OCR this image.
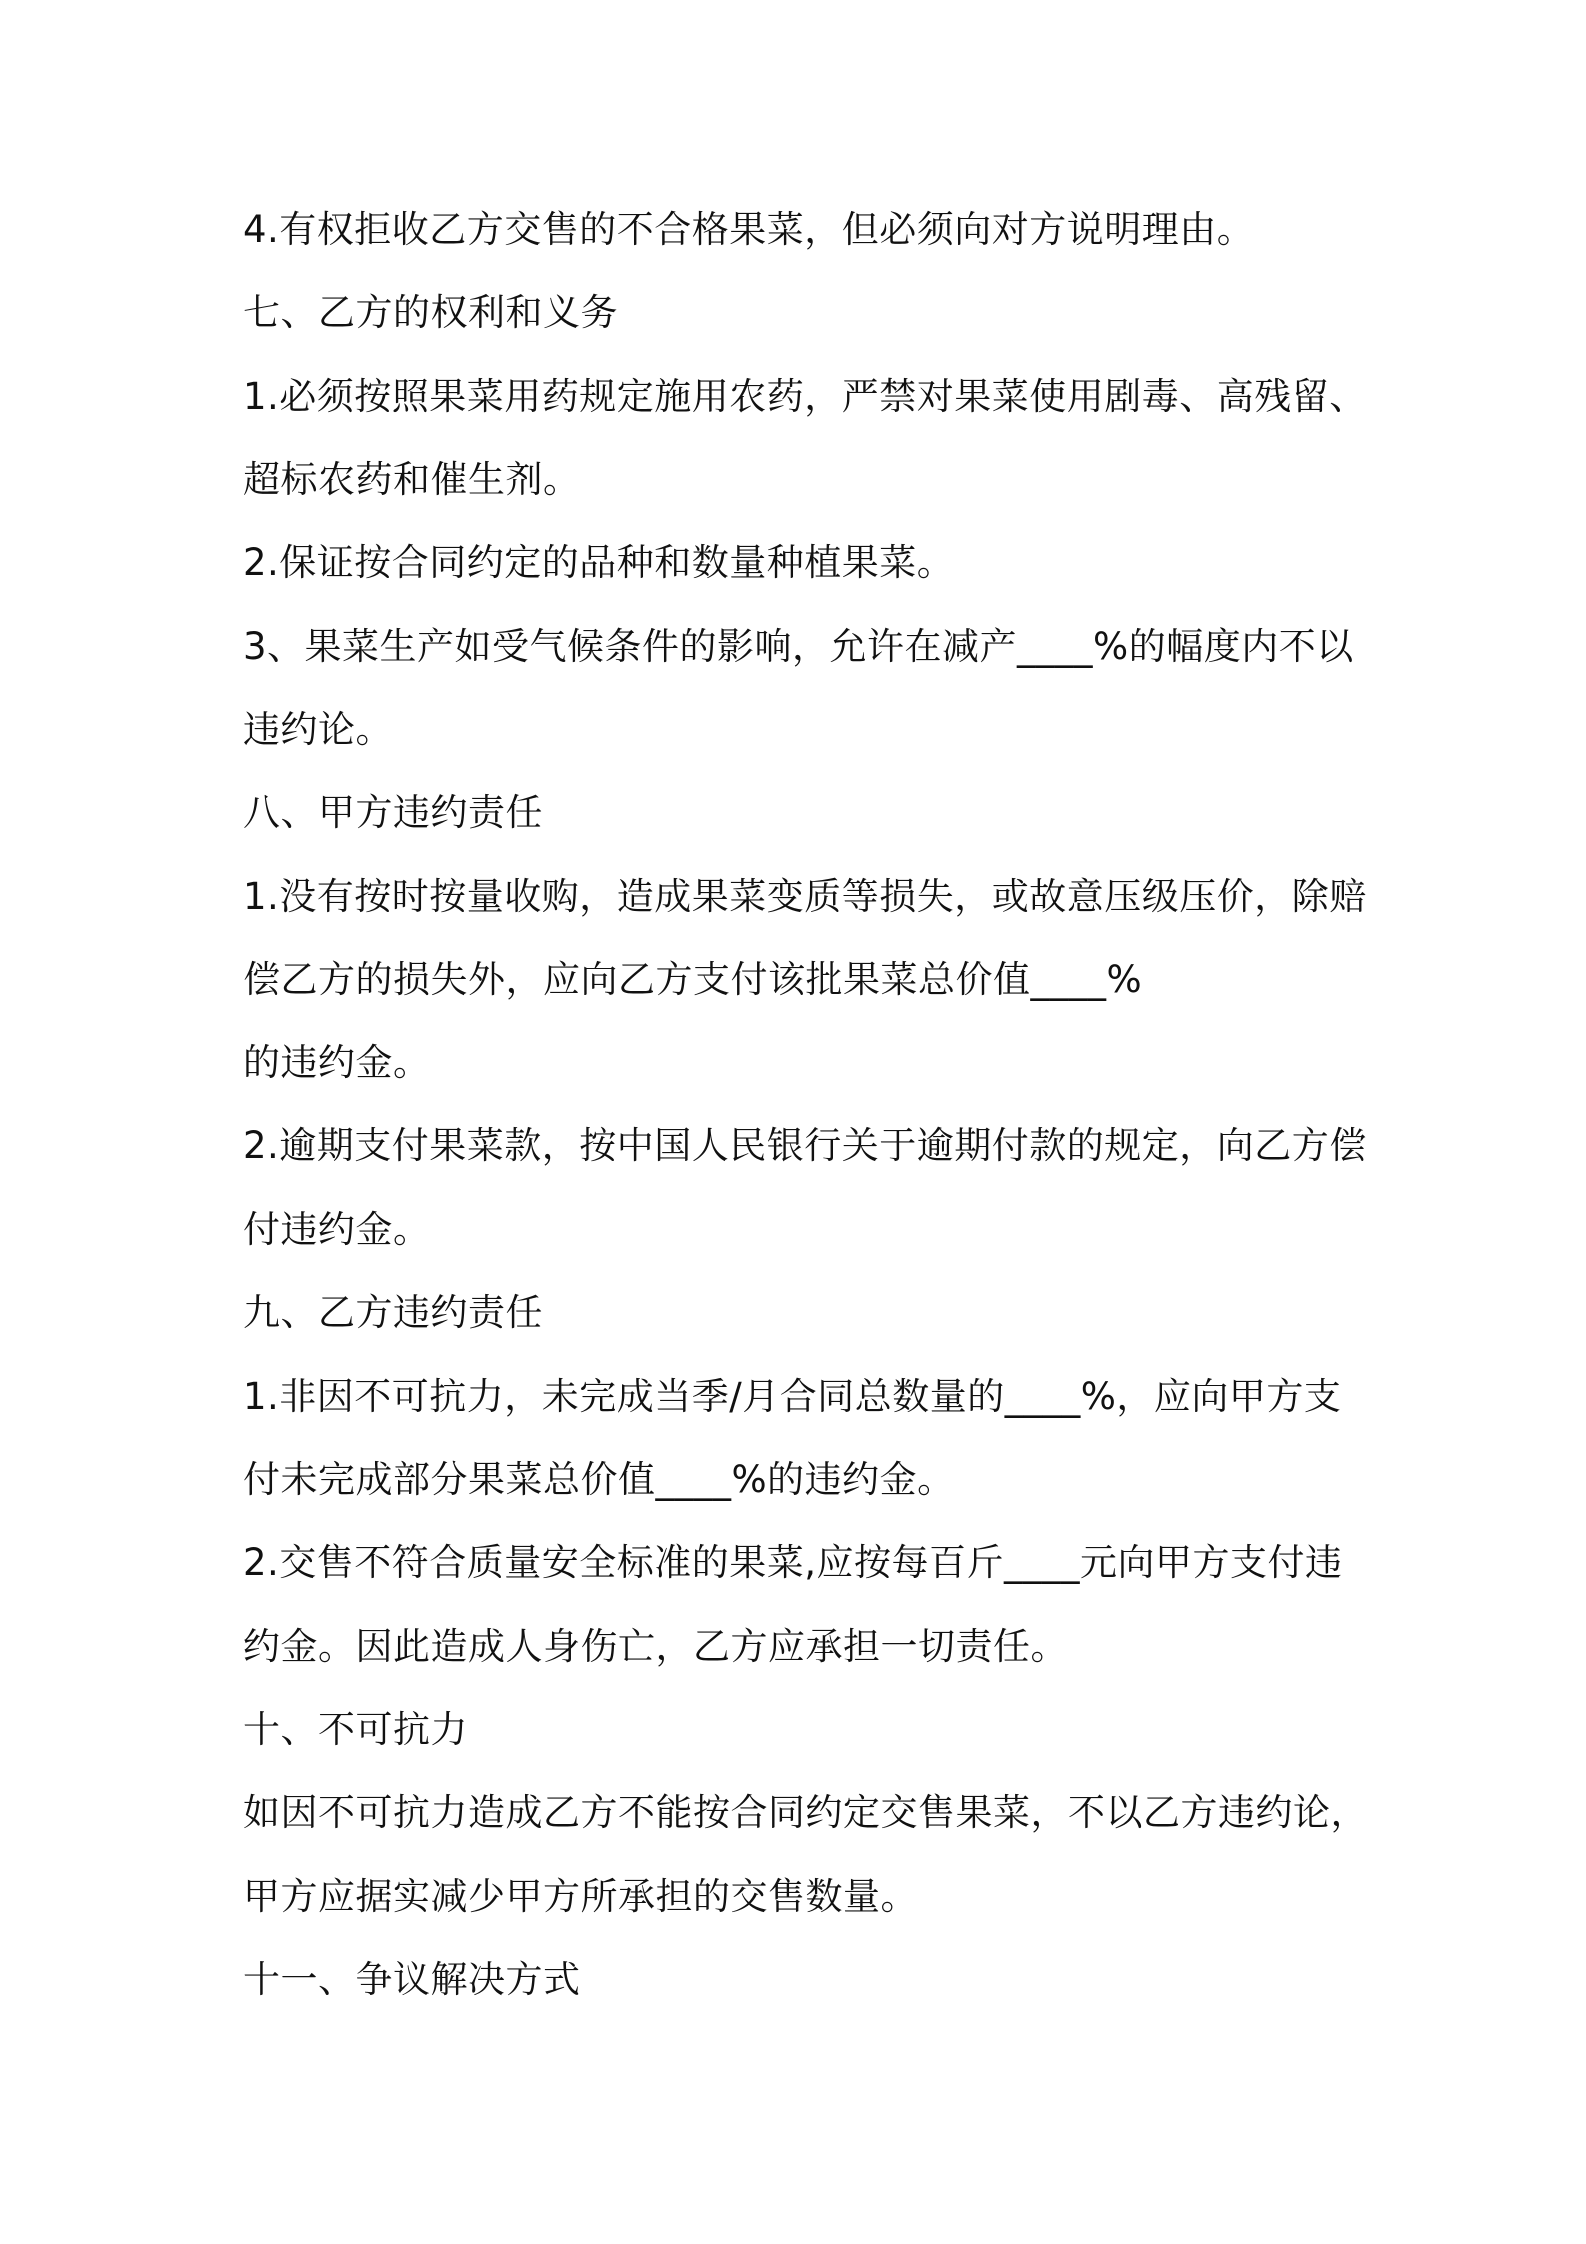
4.有权拒收乙方交售的不合格果菜，但必须向对方说明理由。
七、乙方的权利和义务
1.必须按照果菜用药规定施用农药，严禁对果菜使用剧毒、高残留、
超标农药和催生剂。
2.保证按合同约定的品种和数量种植果菜。
3、果菜生产如受气候条件的影响，允许在减产____%的幅度内不以
违约论。
八、甲方违约责任
1.没有按时按量收购，造成果菜变质等损失，或故意压级压价，除赔
偿乙方的损失外，应向乙方支付该批果菜总价值____%
的违约金。
2.逾期支付果菜款，按中国人民银行关于逾期付款的规定，向乙方偿
付违约金。
九、乙方违约责任
1.非因不可抗力，未完成当季/月合同总数量的____%，应向甲方支
付未完成部分果菜总价值____%的违约金。
2.交售不符合质量安全标准的果菜,应按每百斤____元向甲方支付违
约金。因此造成人身伤亡，乙方应承担一切责任。
十、不可抗力
如因不可抗力造成乙方不能按合同约定交售果菜，不以乙方违约论，
甲方应据实减少甲方所承担的交售数量。
十一、争议解决方式
